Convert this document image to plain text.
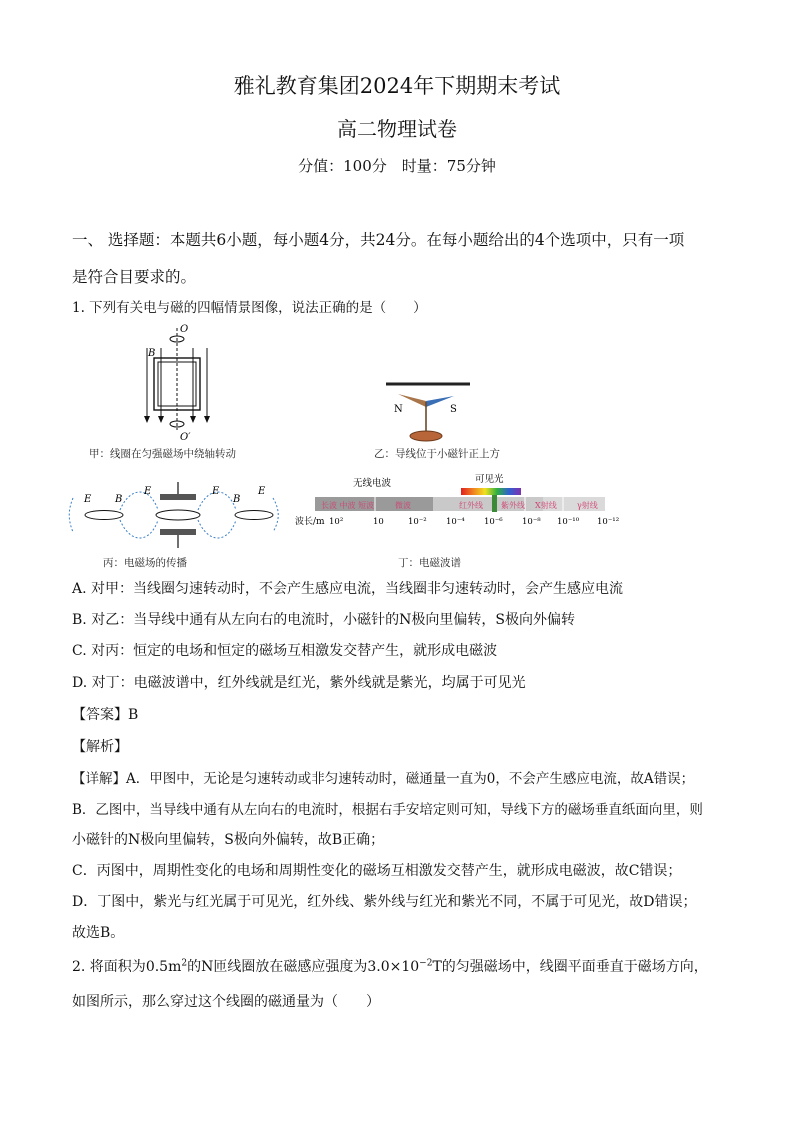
雅礼教育集团2024年下期期末考试
高二物理试卷
分值：100分　时量：75分钟
一、 选择题：本题共6小题，每小题4分，共24分。在每小题给出的4个选项中，只有一项
是符合目要求的。
1. 下列有关电与磁的四幅情景图像，说法正确的是（　　）
O
O′
B
甲：线圈在匀强磁场中绕轴转动
N	S
乙：导线位于小磁针正上方
E B
E	E
B
E
丙：电磁场的传播
无线电波	可见光
长波 中波 短波	微波	红外线 紫外线 X射线	γ射线
波长/m 10²	10	10⁻² 10⁻⁴ 10⁻⁶ 10⁻⁸ 10⁻¹⁰ 10⁻¹²
丁：电磁波谱
A. 对甲：当线圈匀速转动时，不会产生感应电流，当线圈非匀速转动时，会产生感应电流
B. 对乙：当导线中通有从左向右的电流时，小磁针的N极向里偏转，S极向外偏转
C. 对丙：恒定的电场和恒定的磁场互相激发交替产生，就形成电磁波
D. 对丁：电磁波谱中，红外线就是红光，紫外线就是紫光，均属于可见光
【答案】B
【解析】
【详解】A．甲图中，无论是匀速转动或非匀速转动时，磁通量一直为0，不会产生感应电流，故A错误；
B．乙图中，当导线中通有从左向右的电流时，根据右手安培定则可知，导线下方的磁场垂直纸面向里，则
小磁针的N极向里偏转，S极向外偏转，故B正确；
C．丙图中，周期性变化的电场和周期性变化的磁场互相激发交替产生，就形成电磁波，故C错误；
D．丁图中，紫光与红光属于可见光，红外线、紫外线与红光和紫光不同，不属于可见光，故D错误；
故选B。
2. 将面积为$0.5m^2$的N匝线圈放在磁感应强度为$3.0\times 10^{-2}T$的匀强磁场中，线圈平面垂直于磁场方向，
如图所示，那么穿过这个线圈的磁通量为（　　）
